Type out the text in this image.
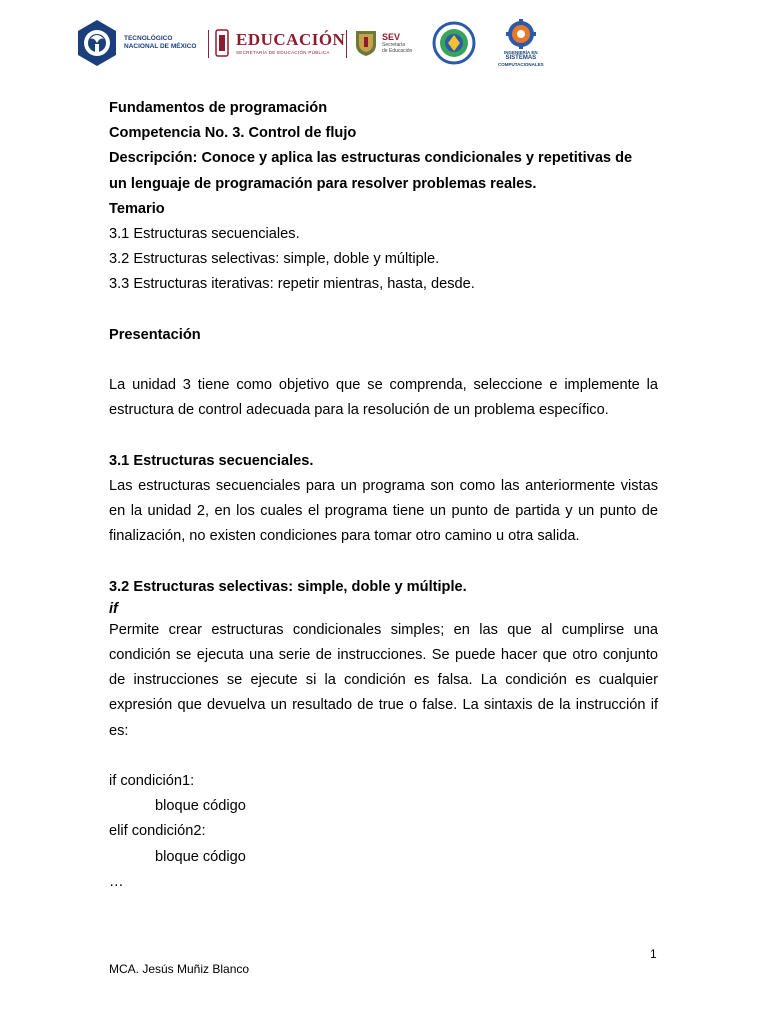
TECNOLÓGICO
NACIONAL DE MÉXICO EDUCACIÓN
SECRETARÍA DE EDUCACIÓN PÚBLICA
SEV
Secretaría
de Educación	INGENIERÍA EN
SISTEMAS
COMPUTACIONALES
Fundamentos de programación
Competencia No. 3. Control de flujo
Descripción: Conoce y aplica las estructuras condicionales y repetitivas de
un lenguaje de programación para resolver problemas reales.
Temario
3.1 Estructuras secuenciales.
3.2 Estructuras selectivas: simple, doble y múltiple.
3.3 Estructuras iterativas: repetir mientras, hasta, desde.
Presentación

La unidad 3 tiene como objetivo que se comprenda, seleccione e implemente la estructura de control adecuada para la resolución de un problema específico.

3.1 Estructuras secuenciales.

Las estructuras secuenciales para un programa son como las anteriormente vistas en la unidad 2, en los cuales el programa tiene un punto de partida y un punto de finalización, no existen condiciones para tomar otro camino u otra salida.

3.2 Estructuras selectivas: simple, doble y múltiple.
if

Permite crear estructuras condicionales simples; en las que al cumplirse una condición se ejecuta una serie de instrucciones. Se puede hacer que otro conjunto de instrucciones se ejecute si la condición es falsa. La condición es cualquier expresión que devuelva un resultado de true o false. La sintaxis de la instrucción if es:

if condición1:
bloque código
elif condición2:
bloque código
…
1
MCA. Jesús Muñiz Blanco
